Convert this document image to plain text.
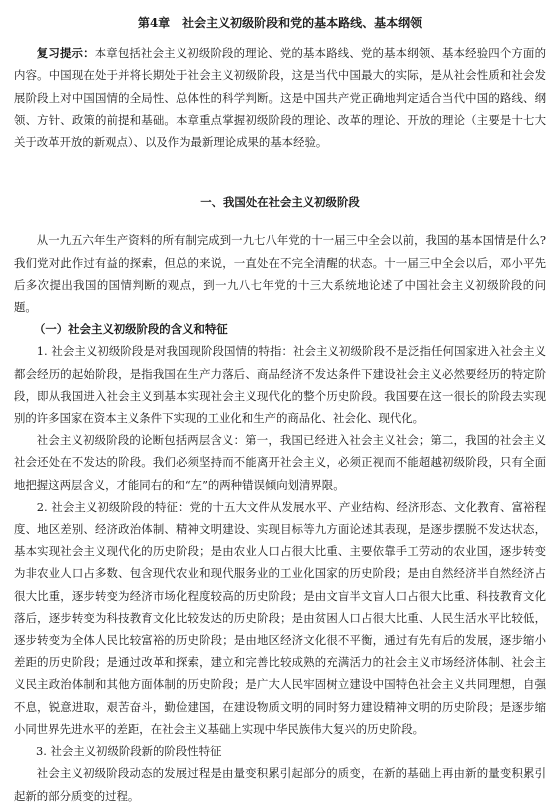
第4章　社会主义初级阶段和党的基本路线、基本纲领

复习提示：本章包括社会主义初级阶段的理论、党的基本路线、党的基本纲领、基本经验四个方面的内容。中国现在处于并将长期处于社会主义初级阶段，这是当代中国最大的实际，是从社会性质和社会发展阶段上对中国国情的全局性、总体性的科学判断。这是中国共产党正确地判定适合当代中国的路线、纲领、方针、政策的前提和基础。本章重点掌握初级阶段的理论、改革的理论、开放的理论（主要是十七大关于改革开放的新观点）、以及作为最新理论成果的基本经验。

一、我国处在社会主义初级阶段

从一九五六年生产资料的所有制完成到一九七八年党的十一届三中全会以前，我国的基本国情是什么?我们党对此作过有益的探索，但总的来说，一直处在不完全清醒的状态。十一届三中全会以后，邓小平先后多次提出我国的国情判断的观点，到一九八七年党的十三大系统地论述了中国社会主义初级阶段的问题。

（一）社会主义初级阶段的含义和特征

1. 社会主义初级阶段是对我国现阶段国情的特指：社会主义初级阶段不是泛指任何国家进入社会主义都会经历的起始阶段，是指我国在生产力落后、商品经济不发达条件下建设社会主义必然要经历的特定阶段，即从我国进入社会主义到基本实现社会主义现代化的整个历史阶段。我国要在这一很长的阶段去实现别的许多国家在资本主义条件下实现的工业化和生产的商品化、社会化、现代化。

社会主义初级阶段的论断包括两层含义：第一，我国已经进入社会主义社会；第二，我国的社会主义社会还处在不发达的阶段。我们必须坚持而不能离开社会主义，必须正视而不能超越初级阶段，只有全面地把握这两层含义，才能同右的和“左”的两种错误倾向划清界限。

2. 社会主义初级阶段的特征：党的十五大文件从发展水平、产业结构、经济形态、文化教育、富裕程度、地区差别、经济政治体制、精神文明建设、实现目标等九方面论述其表现，是逐步摆脱不发达状态，基本实现社会主义现代化的历史阶段；是由农业人口占很大比重、主要依靠手工劳动的农业国，逐步转变为非农业人口占多数、包含现代农业和现代服务业的工业化国家的历史阶段；是由自然经济半自然经济占很大比重，逐步转变为经济市场化程度较高的历史阶段；是由文盲半文盲人口占很大比重、科技教育文化落后，逐步转变为科技教育文化比较发达的历史阶段；是由贫困人口占很大比重、人民生活水平比较低，逐步转变为全体人民比较富裕的历史阶段；是由地区经济文化很不平衡，通过有先有后的发展，逐步缩小差距的历史阶段；是通过改革和探索，建立和完善比较成熟的充满活力的社会主义市场经济体制、社会主义民主政治体制和其他方面体制的历史阶段；是广大人民牢固树立建设中国特色社会主义共同理想，自强不息，锐意进取，艰苦奋斗，勤俭建国，在建设物质文明的同时努力建设精神文明的历史阶段；是逐步缩小同世界先进水平的差距，在社会主义基础上实现中华民族伟大复兴的历史阶段。

3. 社会主义初级阶段新的阶段性特征

社会主义初级阶段动态的发展过程是由量变积累引起部分的质变，在新的基础上再由新的量变积累引起新的部分质变的过程。
